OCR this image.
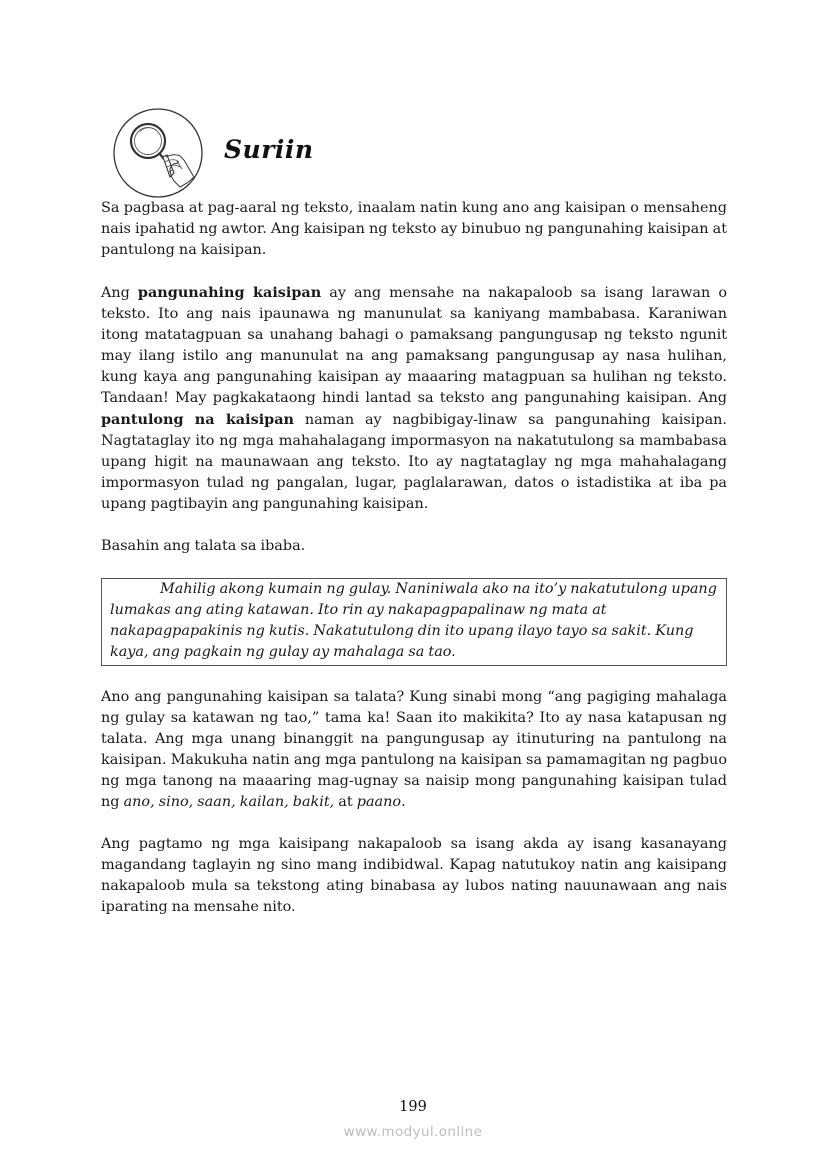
Suriin

Sa pagbasa at pag-aaral ng teksto, inaalam natin kung ano ang kaisipan o mensaheng nais ipahatid ng awtor. Ang kaisipan ng teksto ay binubuo ng pangunahing kaisipan at pantulong na kaisipan.

Ang pangunahing kaisipan ay ang mensahe na nakapaloob sa isang larawan o teksto. Ito ang nais ipaunawa ng manunulat sa kaniyang mambabasa. Karaniwan itong matatagpuan sa unahang bahagi o pamaksang pangungusap ng teksto ngunit may ilang istilo ang manunulat na ang pamaksang pangungusap ay nasa hulihan, kung kaya ang pangunahing kaisipan ay maaaring matagpuan sa hulihan ng teksto. Tandaan! May pagkakataong hindi lantad sa teksto ang pangunahing kaisipan. Ang pantulong na kaisipan naman ay nagbibigay-linaw sa pangunahing kaisipan. Nagtataglay ito ng mga mahahalagang impormasyon na nakatutulong sa mambabasa upang higit na maunawaan ang teksto. Ito ay nagtataglay ng mga mahahalagang impormasyon tulad ng pangalan, lugar, paglalarawan, datos o istadistika at iba pa upang pagtibayin ang pangunahing kaisipan.

Basahin ang talata sa ibaba.

Mahilig akong kumain ng gulay. Naniniwala ako na ito’y nakatutulong upang lumakas ang ating katawan. Ito rin ay nakapagpapalinaw ng mata at nakapagpapakinis ng kutis. Nakatutulong din ito upang ilayo tayo sa sakit. Kung kaya, ang pagkain ng gulay ay mahalaga sa tao.

Ano ang pangunahing kaisipan sa talata? Kung sinabi mong “ang pagiging mahalaga ng gulay sa katawan ng tao,” tama ka! Saan ito makikita? Ito ay nasa katapusan ng talata. Ang mga unang binanggit na pangungusap ay itinuturing na pantulong na kaisipan. Makukuha natin ang mga pantulong na kaisipan sa pamamagitan ng pagbuo ng mga tanong na maaaring mag-ugnay sa naisip mong pangunahing kaisipan tulad ng ano, sino, saan, kailan, bakit, at paano.

Ang pagtamo ng mga kaisipang nakapaloob sa isang akda ay isang kasanayang magandang taglayin ng sino mang indibidwal. Kapag natutukoy natin ang kaisipang nakapaloob mula sa tekstong ating binabasa ay lubos nating nauunawaan ang nais iparating na mensahe nito.

199
www.modyul.online
